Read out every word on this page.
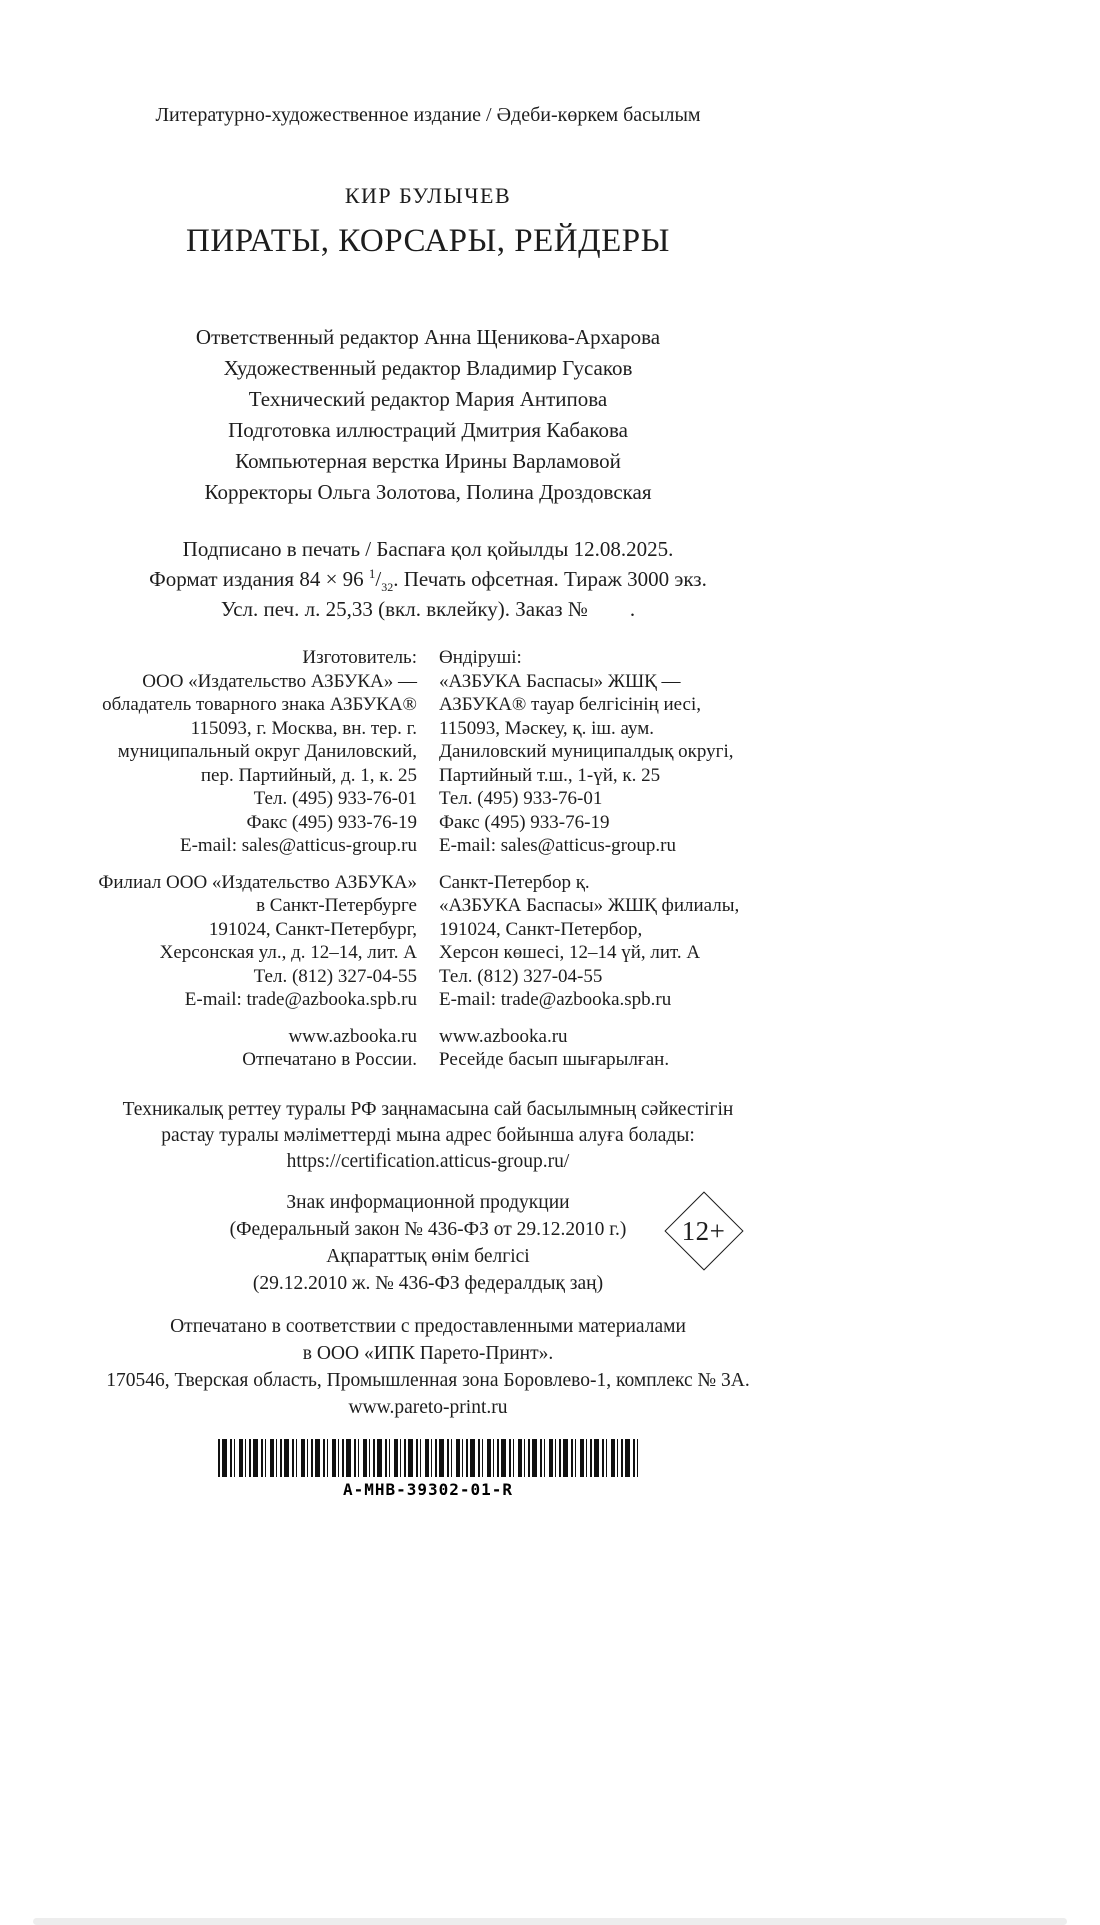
Литературно-художественное издание / Әдеби-көркем басылым
КИР БУЛЫЧЕВ
ПИРАТЫ, КОРСАРЫ, РЕЙДЕРЫ
Ответственный редактор Анна Щеникова-Архарова
Художественный редактор Владимир Гусаков
Технический редактор Мария Антипова
Подготовка иллюстраций Дмитрия Кабакова
Компьютерная верстка Ирины Варламовой
Корректоры Ольга Золотова, Полина Дроздовская
Подписано в печать / Баспаға қол қойылды 12.08.2025.
Формат издания 84 × 96 $^1/_{32}$. Печать офсетная. Тираж 3000 экз.
Усл. печ. л. 25,33 (вкл. вклейку). Заказ №        .
Изготовитель:
ООО «Издательство АЗБУКА» —
обладатель товарного знака АЗБУКА®
115093, г. Москва, вн. тер. г.
муниципальный округ Даниловский,
пер. Партийный, д. 1, к. 25
Тел. (495) 933-76-01
Факс (495) 933-76-19
E-mail: sales@atticus-group.ru
Филиал ООО «Издательство АЗБУКА»
в Санкт-Петербурге
191024, Санкт-Петербург,
Херсонская ул., д. 12–14, лит. А
Тел. (812) 327-04-55
E-mail: trade@azbooka.spb.ru
www.azbooka.ru
Отпечатано в России.
Өндіруші:
«АЗБУКА Баспасы» ЖШҚ —
АЗБУКА® тауар белгісінің иесі,
115093, Мәскеу, қ. іш. аум.
Даниловский муниципалдық округі,
Партийный т.ш., 1-үй, к. 25
Тел. (495) 933-76-01
Факс (495) 933-76-19
E-mail: sales@atticus-group.ru
Санкт-Петербор қ.
«АЗБУКА Баспасы» ЖШҚ филиалы,
191024, Санкт-Петербор,
Херсон көшесі, 12–14 үй, лит. А
Тел. (812) 327-04-55
E-mail: trade@azbooka.spb.ru
www.azbooka.ru
Ресейде басып шығарылған.
Техникалық реттеу туралы РФ заңнамасына сай басылымның сәйкестігін
растау туралы мәліметтерді мына адрес бойынша алуға болады:
https://certification.atticus-group.ru/
Знак информационной продукции
(Федеральный закон № 436-ФЗ от 29.12.2010 г.)
Ақпараттық өнім белгісі
(29.12.2010 ж. № 436-ФЗ федералдық заң)
12+
Отпечатано в соответствии с предоставленными материалами
в ООО «ИПК Парето-Принт».
170546, Тверская область, Промышленная зона Боровлево-1, комплекс № 3А.
www.pareto-print.ru
А-МНВ-39302-01-R
